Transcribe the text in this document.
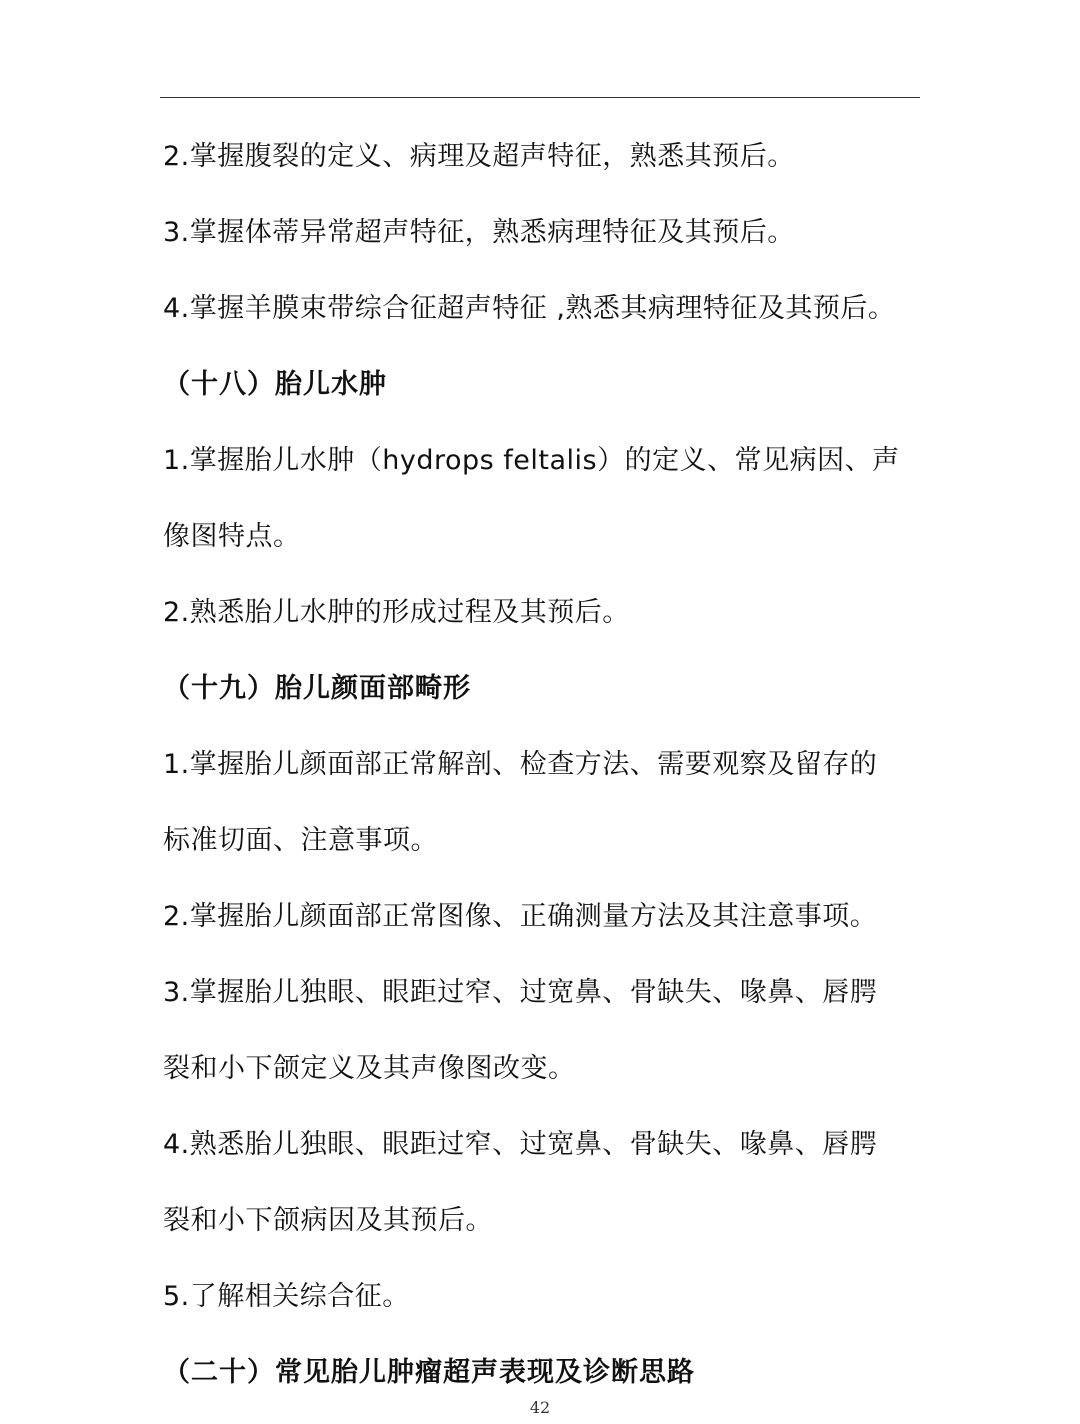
2.掌握腹裂的定义、病理及超声特征，熟悉其预后。
3.掌握体蒂异常超声特征，熟悉病理特征及其预后。
4.掌握羊膜束带综合征超声特征 ,熟悉其病理特征及其预后。
（十八）胎儿水肿
1.掌握胎儿水肿（hydrops feltalis）的定义、常见病因、声
像图特点。
2.熟悉胎儿水肿的形成过程及其预后。
（十九）胎儿颜面部畸形
1.掌握胎儿颜面部正常解剖、检查方法、需要观察及留存的
标准切面、注意事项。
2.掌握胎儿颜面部正常图像、正确测量方法及其注意事项。
3.掌握胎儿独眼、眼距过窄、过宽鼻、骨缺失、喙鼻、唇腭
裂和小下颌定义及其声像图改变。
4.熟悉胎儿独眼、眼距过窄、过宽鼻、骨缺失、喙鼻、唇腭
裂和小下颌病因及其预后。
5.了解相关综合征。
（二十）常见胎儿肿瘤超声表现及诊断思路
42
